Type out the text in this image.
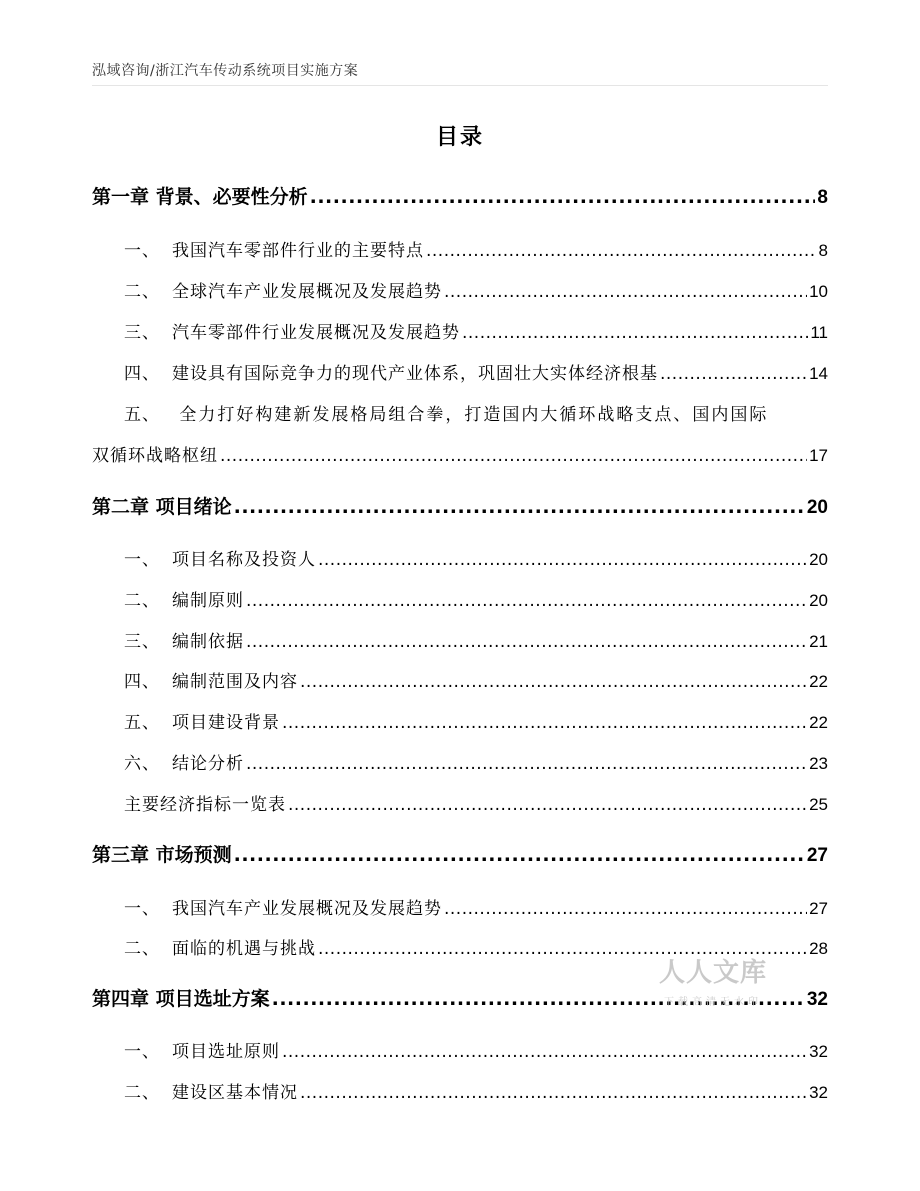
泓域咨询/浙江汽车传动系统项目实施方案
目录
第一章 背景、必要性分析 .....	8
一、 我国汽车零部件行业的主要特点 .....	8
二、 全球汽车产业发展概况及发展趋势 .....	10
三、 汽车零部件行业发展概况及发展趋势 .....	11
四、 建设具有国际竞争力的现代产业体系，巩固壮大实体经济根基 .....	14
五、 全力打好构建新发展格局组合拳，打造国内大循环战略支点、国内国际
双循环战略枢纽 .....	17
第二章 项目绪论 .....	20
一、 项目名称及投资人 .....	20
二、 编制原则 .....	20
三、 编制依据 .....	21
四、 编制范围及内容 .....	22
五、 项目建设背景 .....	22
六、 结论分析 .....	23
主要经济指标一览表 .....	25
第三章 市场预测 .....	27
一、 我国汽车产业发展概况及发展趋势 .....	27
二、 面临的机遇与挑战 .....	28
第四章 项目选址方案 .....	32
一、 项目选址原则 .....	32
二、 建设区基本情况 .....	32
人人文库
下载高清无水印
